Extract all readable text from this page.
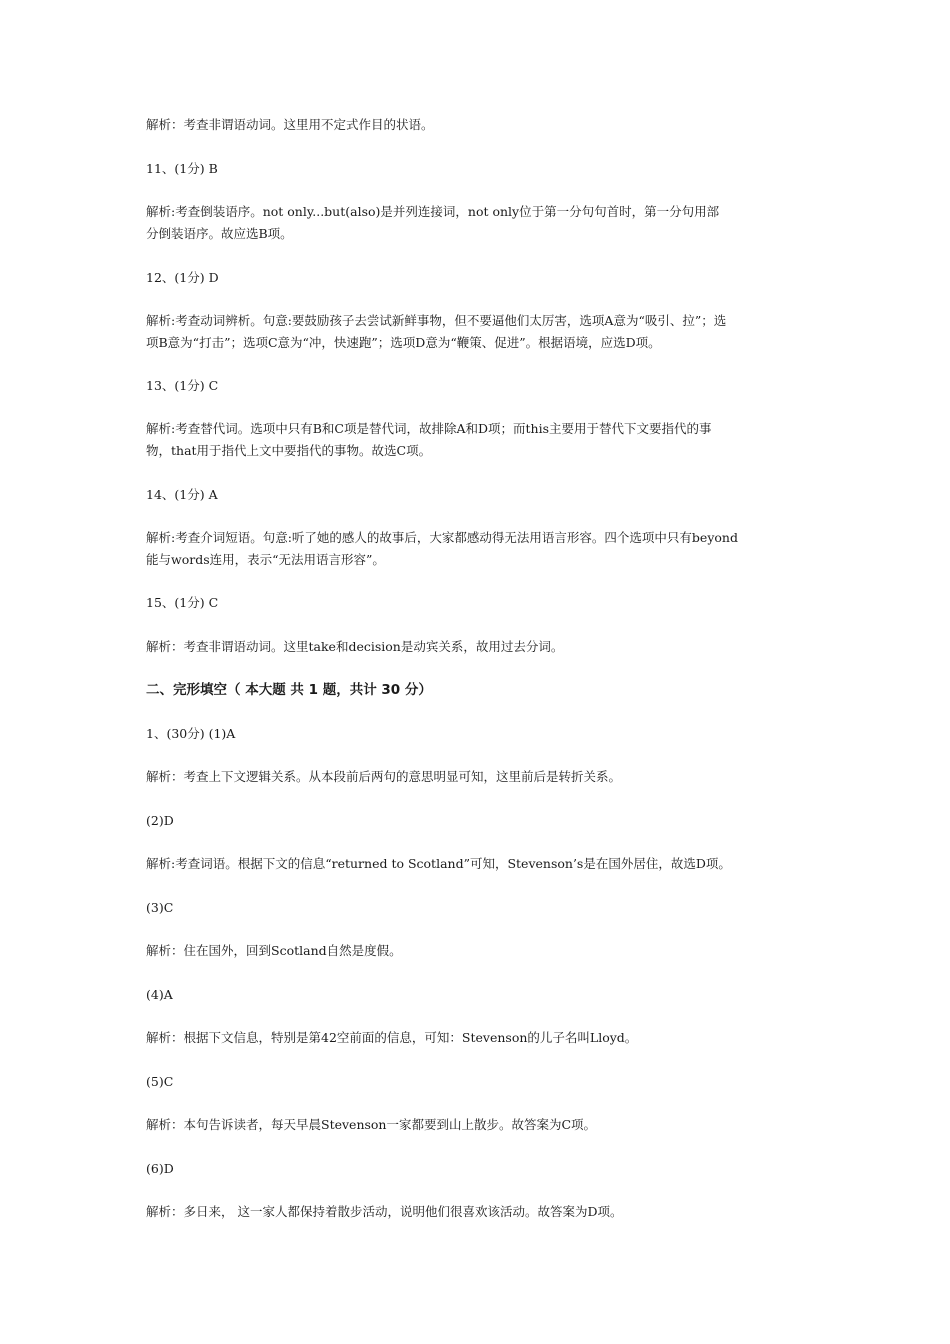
解析：考查非谓语动词。这里用不定式作目的状语。
11、(1分) B
解析:考查倒装语序。not only...but(also)是并列连接词，not only位于第一分句句首时，第一分句用部
分倒装语序。故应选B项。
12、(1分) D
解析:考查动词辨析。句意:要鼓励孩子去尝试新鲜事物，但不要逼他们太厉害，选项A意为“吸引、拉”；选
项B意为“打击”；选项C意为“冲，快速跑”；选项D意为“鞭策、促进”。根据语境，应选D项。
13、(1分) C
解析:考查替代词。选项中只有B和C项是替代词，故排除A和D项；而this主要用于替代下文要指代的事
物，that用于指代上文中要指代的事物。故选C项。
14、(1分) A
解析:考查介词短语。句意:听了她的感人的故事后，大家都感动得无法用语言形容。四个选项中只有beyond
能与words连用，表示“无法用语言形容”。
15、(1分) C
解析：考查非谓语动词。这里take和decision是动宾关系，故用过去分词。
二、完形填空（ 本大题 共 1 题，共计 30 分）
1、(30分) (1)A
解析：考查上下文逻辑关系。从本段前后两句的意思明显可知，这里前后是转折关系。
(2)D
解析:考查词语。根据下文的信息“returned to Scotland”可知，Stevenson’s是在国外居住，故选D项。
(3)C
解析：住在国外，回到Scotland自然是度假。
(4)A
解析：根据下文信息，特别是第42空前面的信息，可知：Stevenson的儿子名叫Lloyd。
(5)C
解析：本句告诉读者，每天早晨Stevenson一家都要到山上散步。故答案为C项。
(6)D
解析：多日来， 这一家人都保持着散步活动，说明他们很喜欢该活动。故答案为D项。
